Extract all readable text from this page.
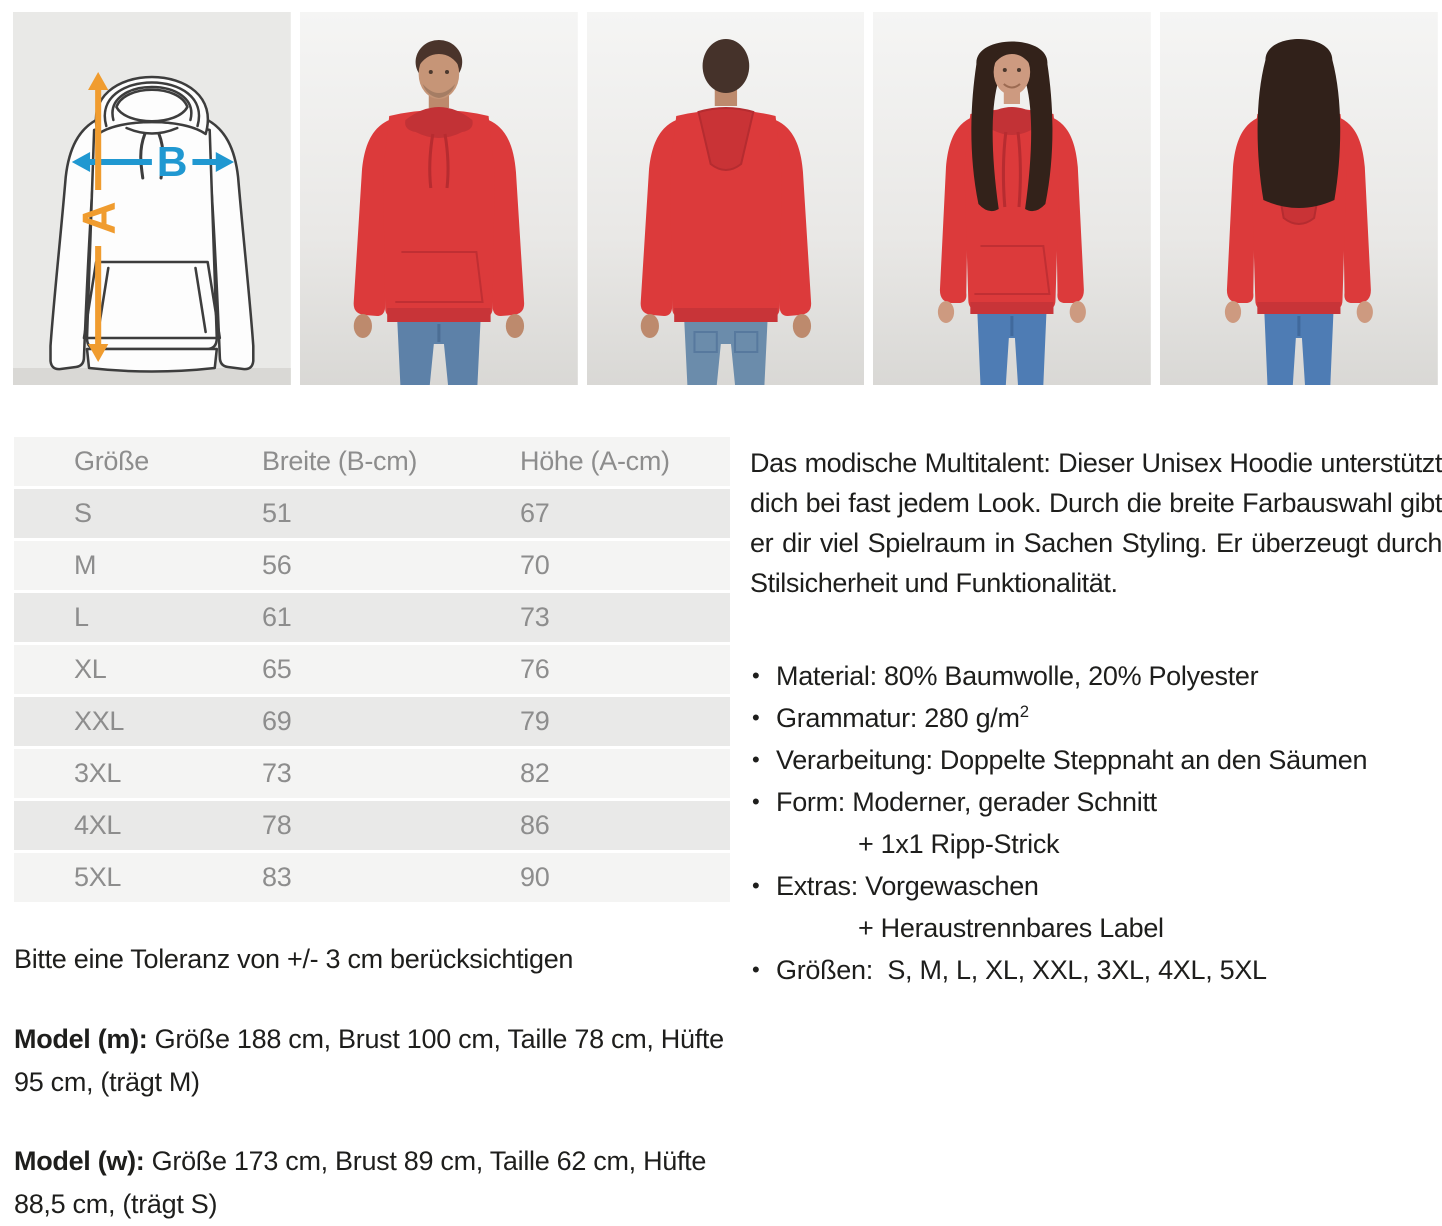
B
A
Größe	Breite (B-cm)	Höhe (A-cm)
S	51	67
M	56	70
L	61	73
XL	65	76
XXL	69	79
3XL	73	82
4XL	78	86
5XL	83	90

Bitte eine Toleranz von +/- 3 cm berücksichtigen

Model (m): Größe 188 cm, Brust 100 cm, Taille 78 cm, Hüfte 95 cm, (trägt M)

Model (w): Größe 173 cm, Brust 89 cm, Taille 62 cm, Hüfte 88,5 cm, (trägt S)

Das modische Multitalent: Dieser Unisex Hoodie unterstützt dich bei fast jedem Look. Durch die breite Farbauswahl gibt er dir viel Spielraum in Sachen Styling. Er überzeugt durch Stilsicherheit und Funktionalität.

• Material: 80% Baumwolle, 20% Polyester
• Grammatur: 280 $g/m^2$
• Verarbeitung: Doppelte Steppnaht an den Säumen
• Form: Moderner, gerader Schnitt
+ 1x1 Ripp-Strick
• Extras: Vorgewaschen
+ Heraustrennbares Label
• Größen:  S, M, L, XL, XXL, 3XL, 4XL, 5XL
